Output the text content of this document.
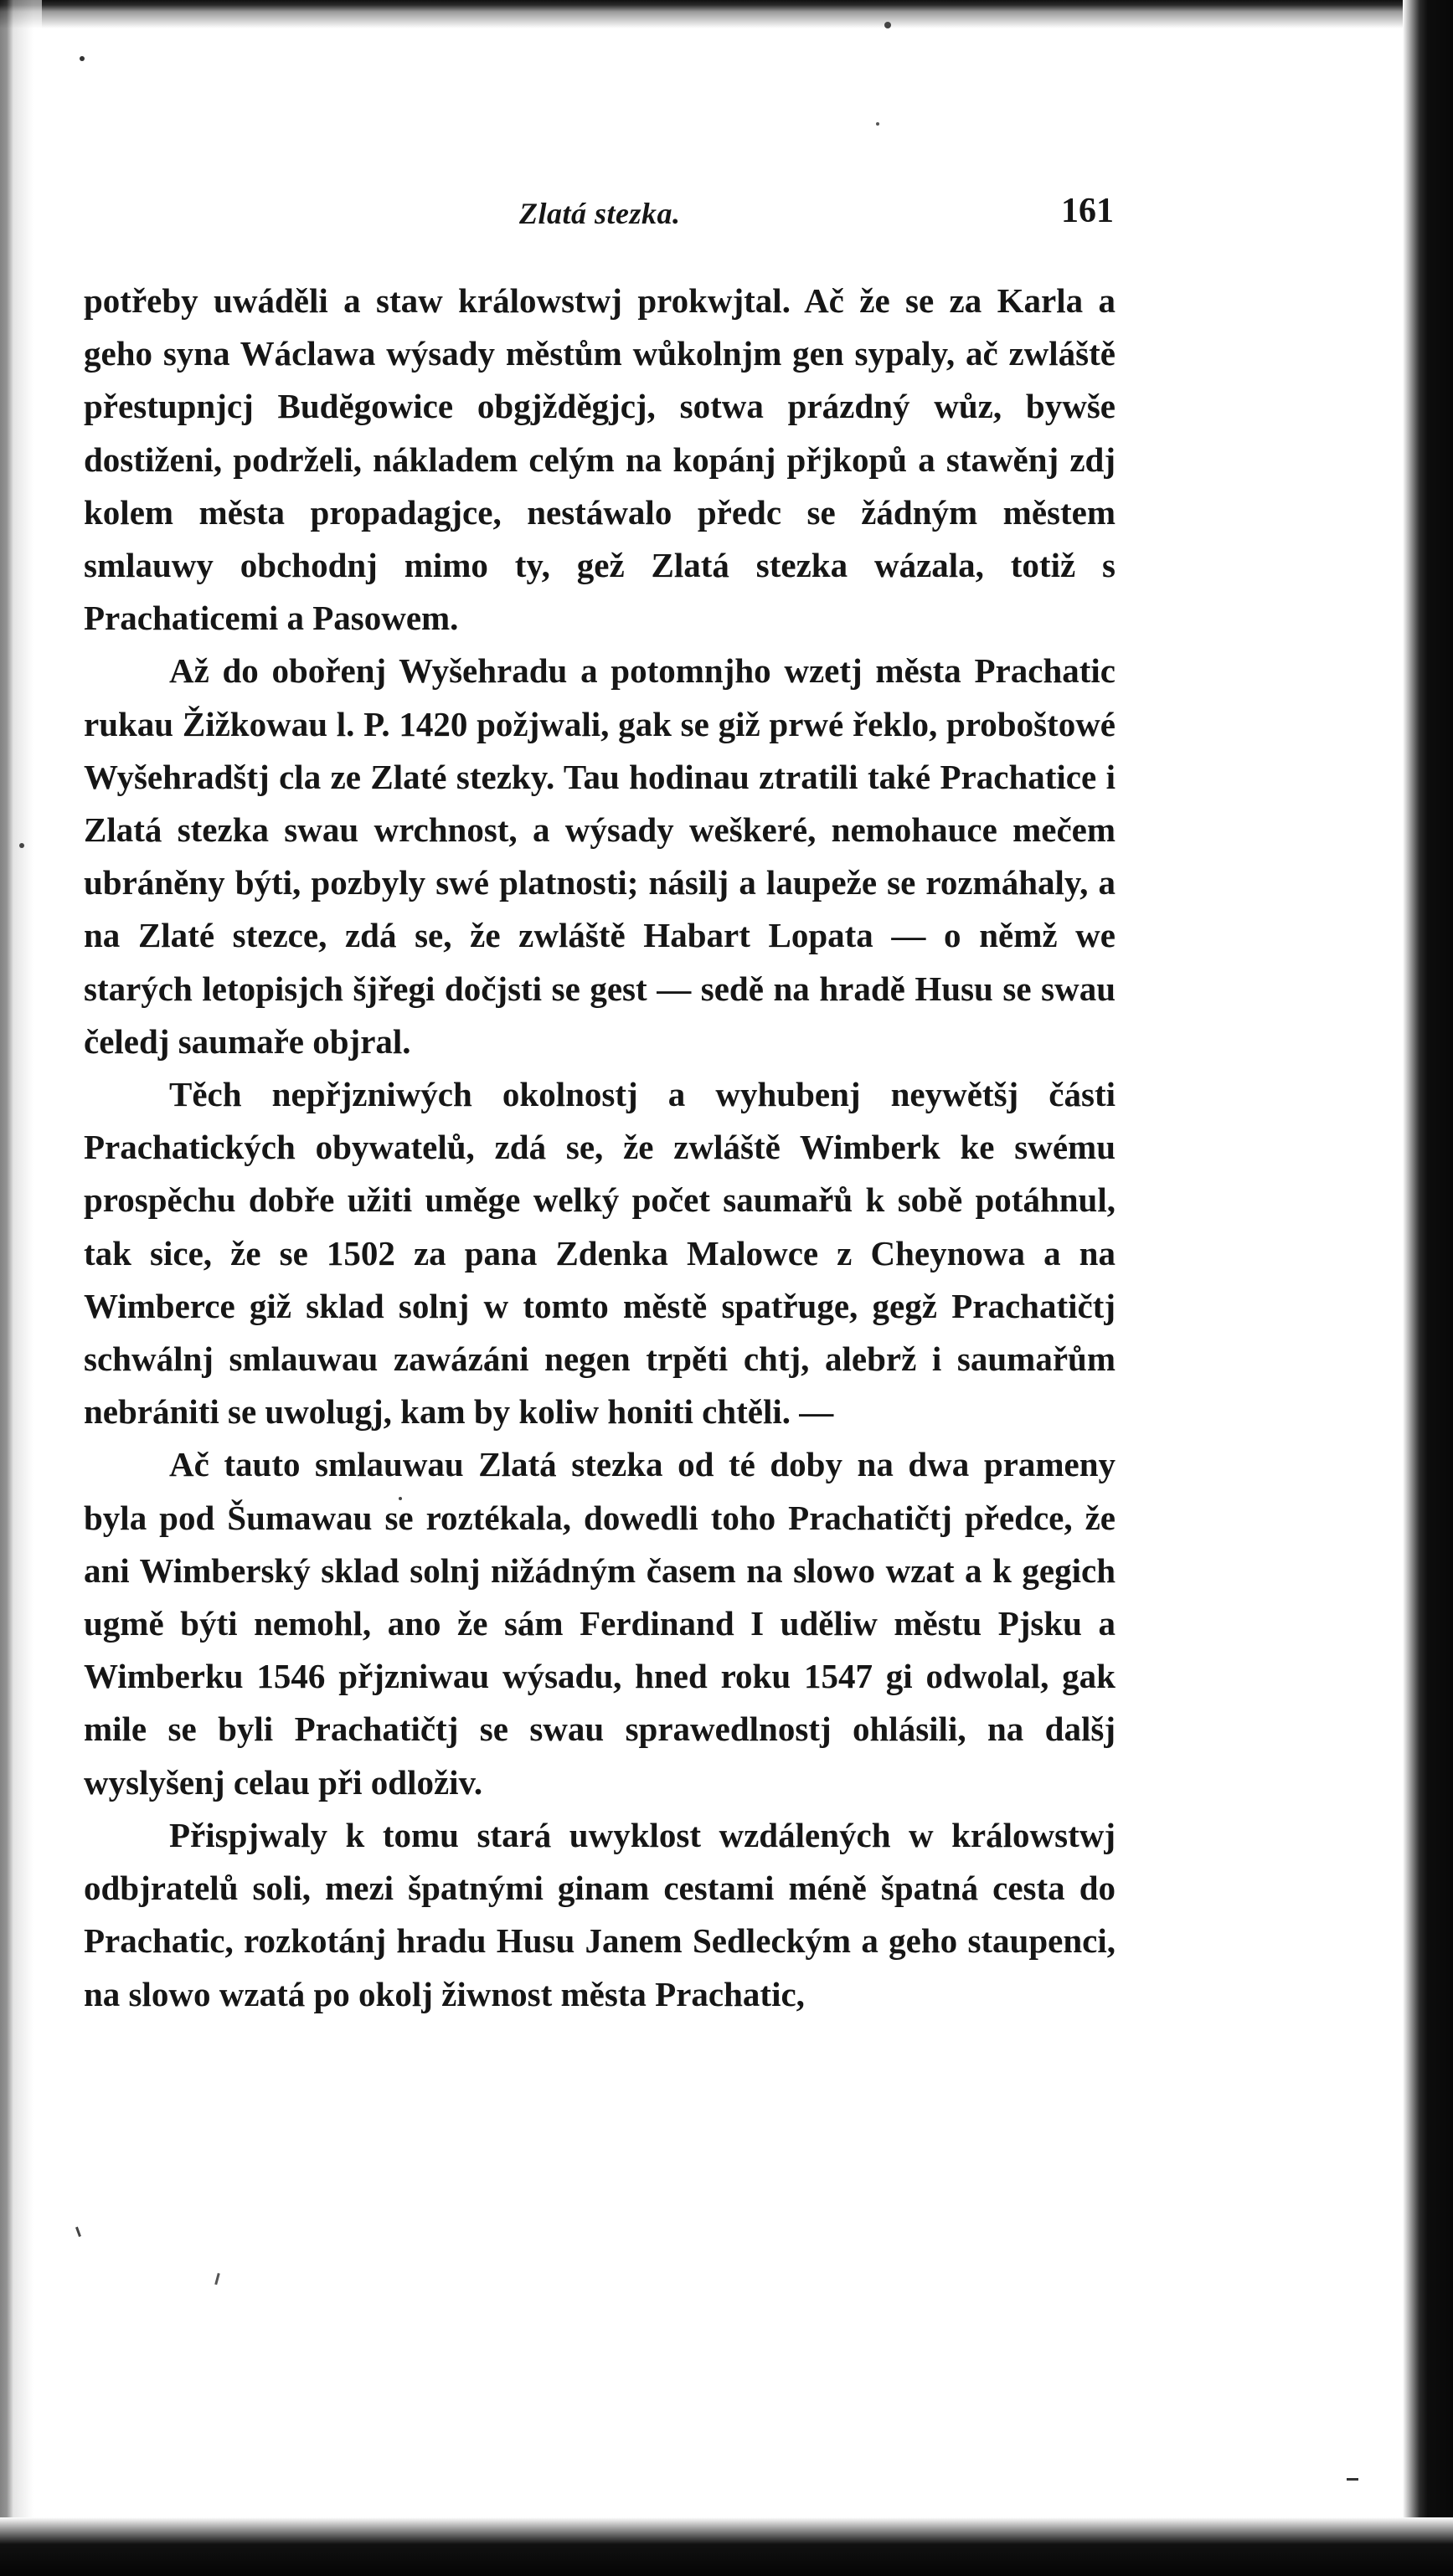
Zlatá stezka.	161

potřeby uwáděli a staw králowstwj prokwjtal. Ač že se za Karla a geho syna Wáclawa wýsady městům wůkolnjm gen sypaly, ač zwláště přestupnjcj Budĕgowice obgjžděgjcj, sotwa prázdný wůz, bywše dostiženi, podrželi, nákladem celým na kopánj přjkopů a stawěnj zdj kolem města propadagjce, nestáwalo předc se žádným městem smlauwy obchodnj mimo ty, gež Zlatá stezka wázala, totiž s Prachaticemi a Pasowem.

Až do obořenj Wyšehradu a potomnjho wzetj města Prachatic rukau Žižkowau l. P. 1420 požjwali, gak se giž prwé řeklo, proboštowé Wyšehradštj cla ze Zlaté stezky. Tau hodinau ztratili také Prachatice i Zlatá stezka swau wrchnost, a wýsady weškeré, nemohauce mečem ubráněny býti, pozbyly swé platnosti; násilj a laupeže se rozmáhaly, a na Zlaté stezce, zdá se, že zwláště Habart Lopata — o němž we starých letopisjch šjřegi dočjsti se gest — sedě na hradě Husu se swau čeledj saumaře objral.

Těch nepřjzniwých okolnostj a wyhubenj neywětšj části Prachatických obywatelů, zdá se, že zwláště Wimberk ke swému prospěchu dobře užiti uměge welký počet saumařů k sobě potáhnul, tak sice, že se 1502 za pana Zdenka Malowce z Cheynowa a na Wimberce giž sklad solnj w tomto městě spatřuge, gegž Prachatičtj schwálnj smlauwau zawázáni negen trpěti chtj, alebrž i saumařům nebrániti se uwolugj, kam by koliw honiti chtěli. —

Ač tauto smlauwau Zlatá stezka od té doby na dwa prameny byla pod Šumawau se roztékala, dowedli toho Prachatičtj předce, že ani Wimberský sklad solnj nižádným časem na slowo wzat a k gegich ugmě býti nemohl, ano že sám Ferdinand I uděliw městu Pjsku a Wimberku 1546 přjzniwau wýsadu, hned roku 1547 gi odwolal, gak mile se byli Prachatičtj se swau sprawedlnostj ohlásili, na dalšj wyslyšenj celau při odloživ.

Přispjwaly k tomu stará uwyklost wzdálených w králowstwj odbjratelů soli, mezi špatnými ginam cestami méně špatná cesta do Prachatic, rozkotánj hradu Husu Janem Sedleckým a geho staupenci, na slowo wzatá po okolj žiwnost města Prachatic,
